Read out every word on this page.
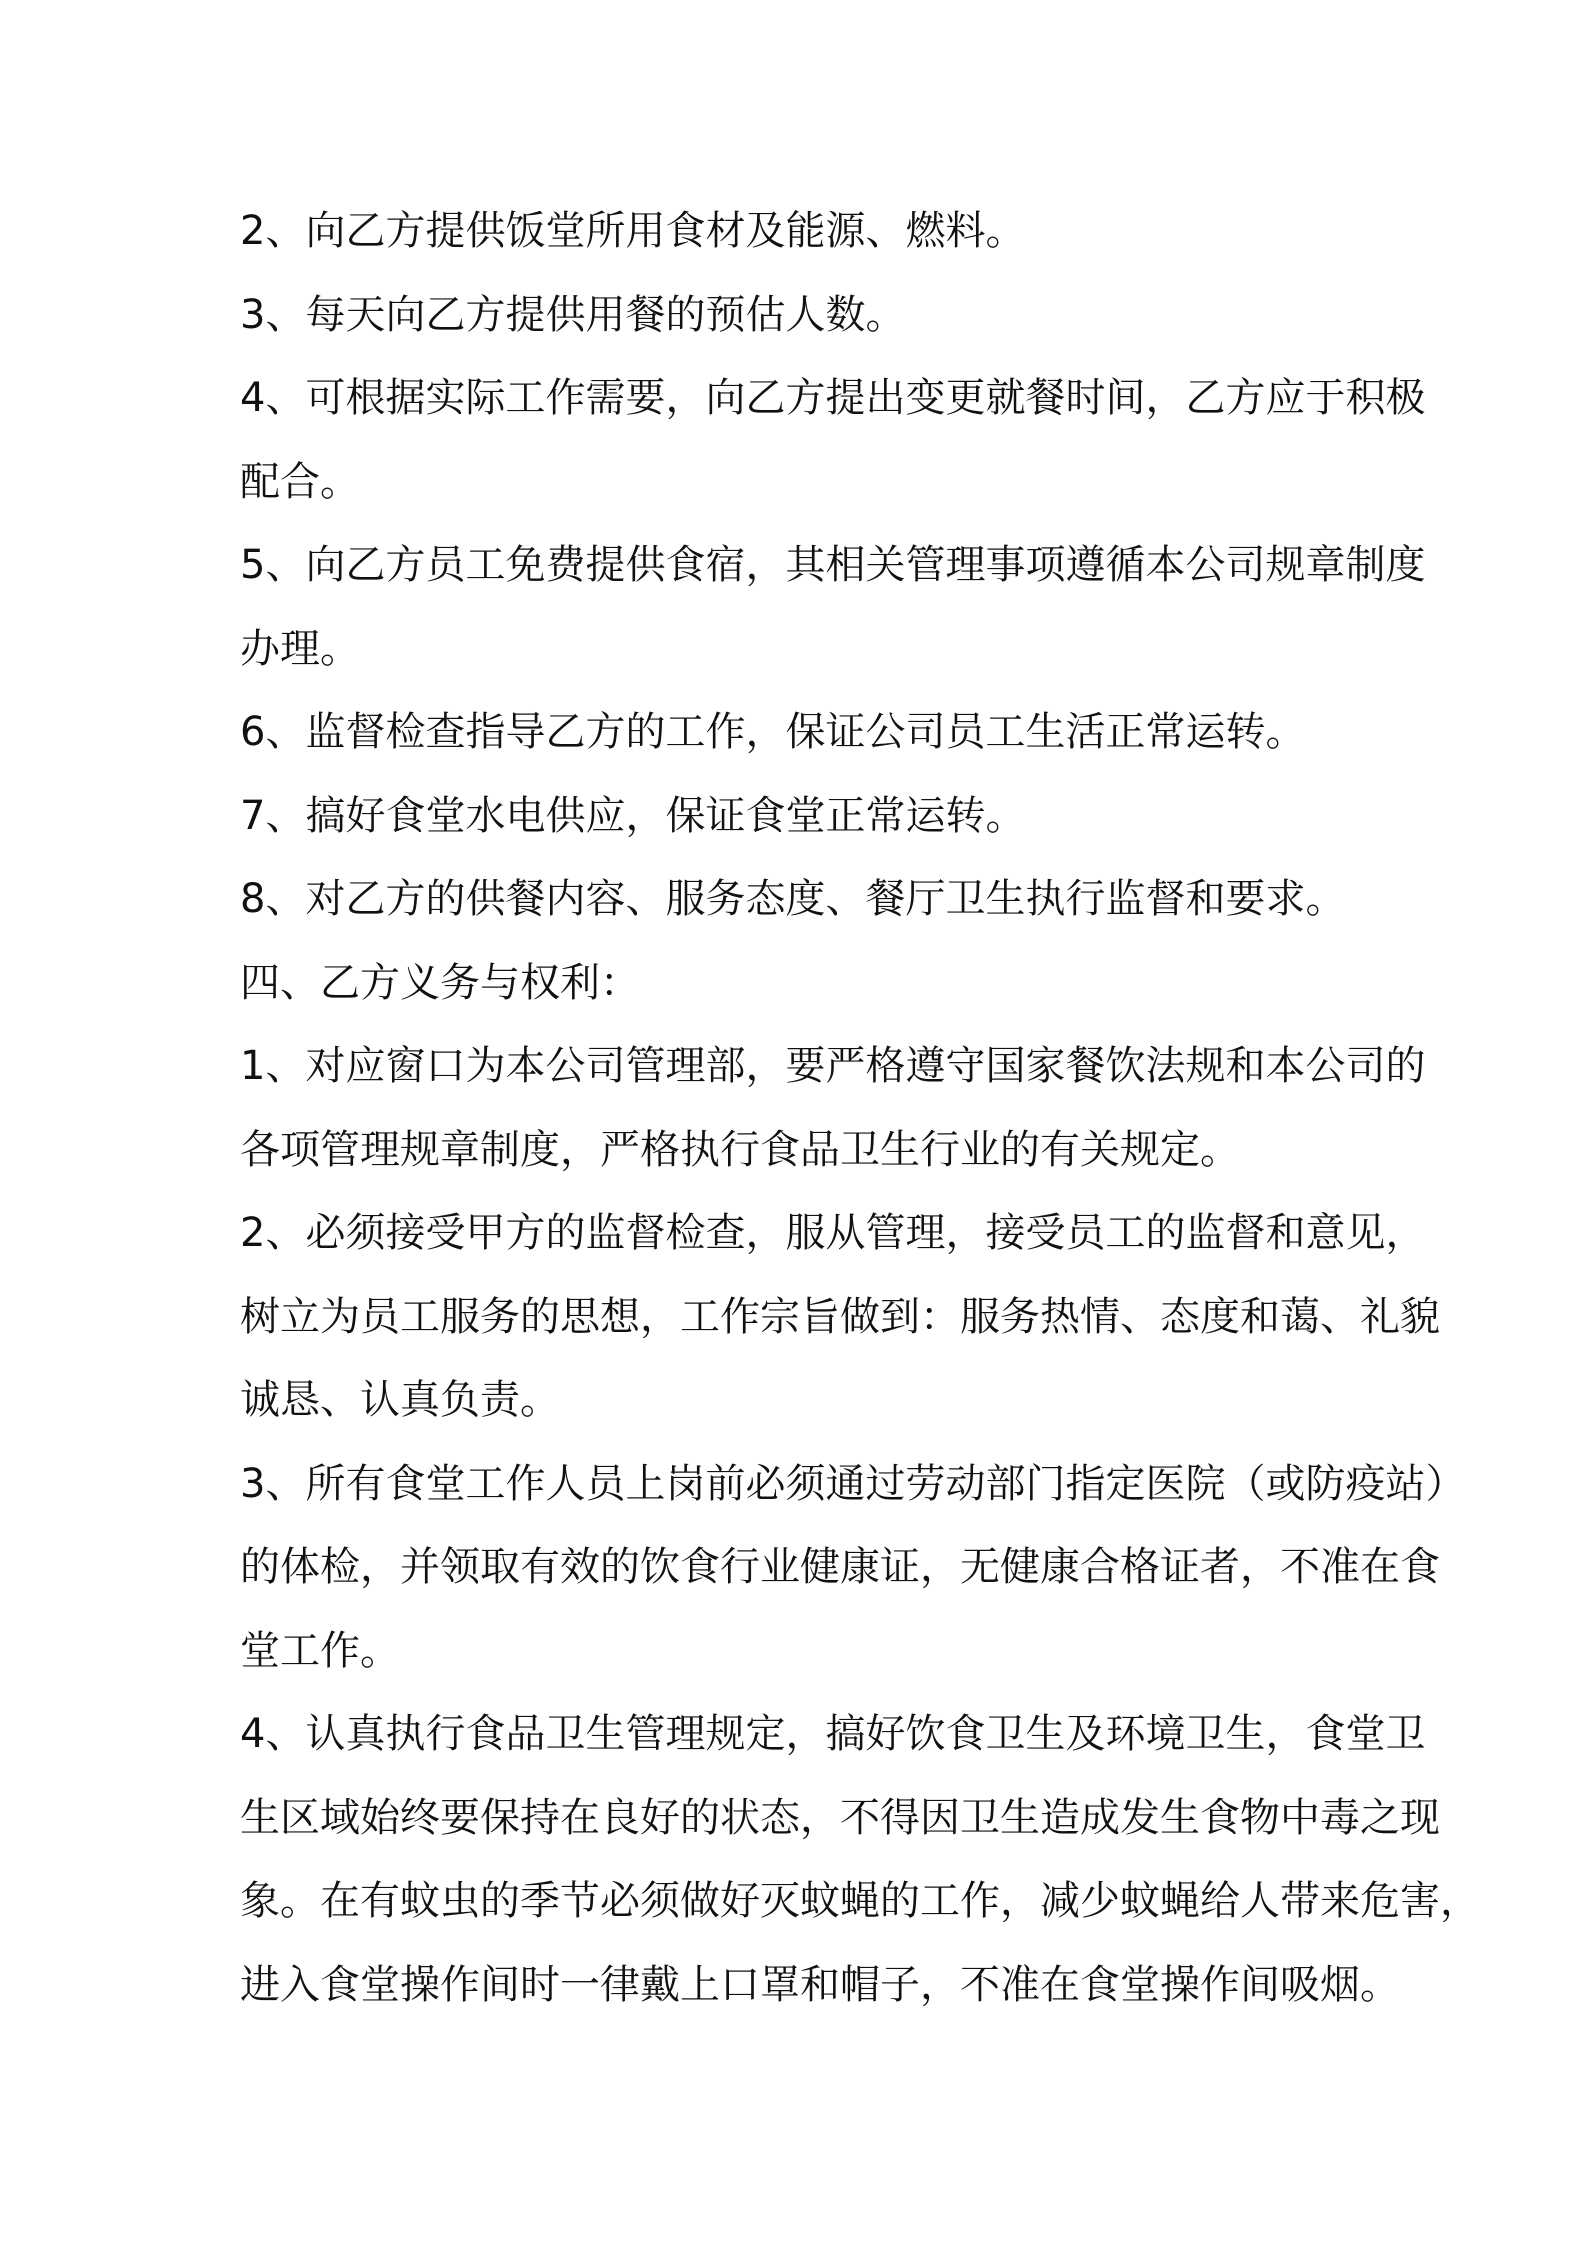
2、向乙方提供饭堂所用食材及能源、燃料。
3、每天向乙方提供用餐的预估人数。
4、可根据实际工作需要，向乙方提出变更就餐时间，乙方应于积极
配合。
5、向乙方员工免费提供食宿，其相关管理事项遵循本公司规章制度
办理。
6、监督检查指导乙方的工作，保证公司员工生活正常运转。
7、搞好食堂水电供应，保证食堂正常运转。
8、对乙方的供餐内容、服务态度、餐厅卫生执行监督和要求。
四、乙方义务与权利：
1、对应窗口为本公司管理部，要严格遵守国家餐饮法规和本公司的
各项管理规章制度，严格执行食品卫生行业的有关规定。
2、必须接受甲方的监督检查，服从管理，接受员工的监督和意见，
树立为员工服务的思想，工作宗旨做到：服务热情、态度和蔼、礼貌
诚恳、认真负责。
3、所有食堂工作人员上岗前必须通过劳动部门指定医院（或防疫站）
的体检，并领取有效的饮食行业健康证，无健康合格证者，不准在食
堂工作。
4、认真执行食品卫生管理规定，搞好饮食卫生及环境卫生，食堂卫
生区域始终要保持在良好的状态，不得因卫生造成发生食物中毒之现
象。在有蚊虫的季节必须做好灭蚊蝇的工作，减少蚊蝇给人带来危害，
进入食堂操作间时一律戴上口罩和帽子，不准在食堂操作间吸烟。
